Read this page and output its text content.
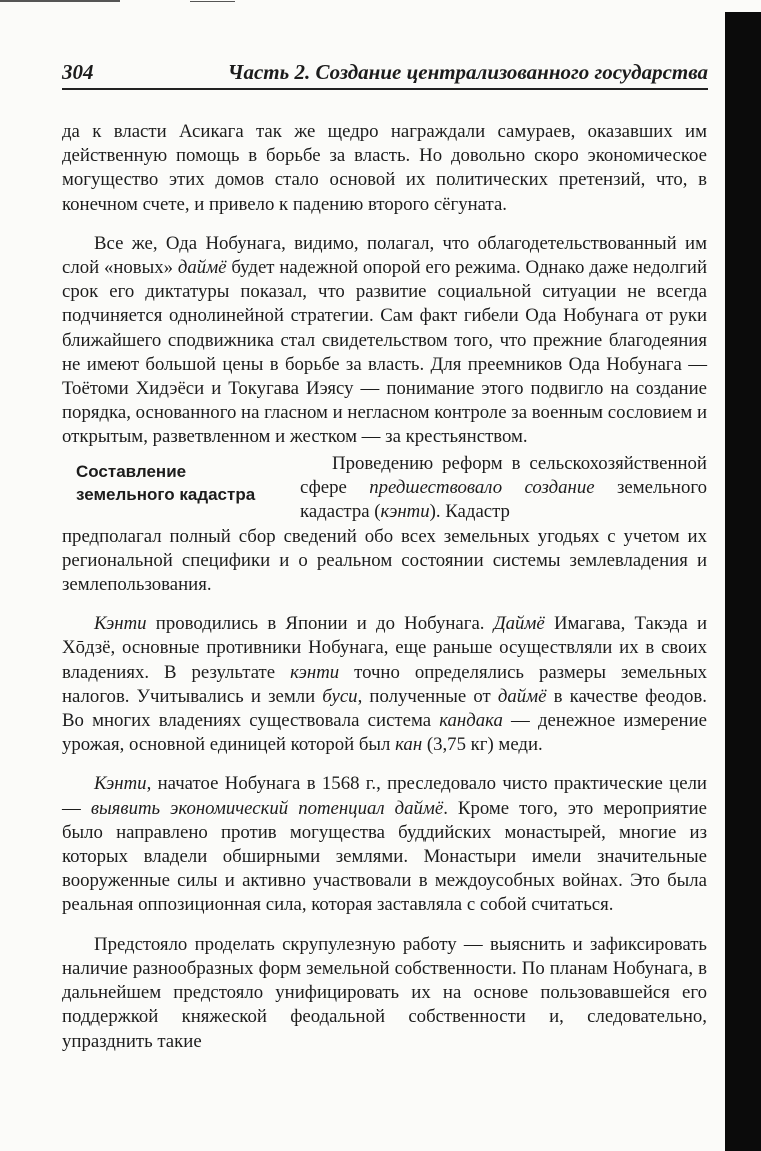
304	Часть 2. Создание централизованного государства

да к власти Асикага так же щедро награждали самураев, оказавших им действенную помощь в борьбе за власть. Но довольно скоро экономическое могущество этих домов стало основой их политических претензий, что, в конечном счете, и привело к падению второго сёгуната.

Все же, Ода Нобунага, видимо, полагал, что облагодетельствованный им слой «новых» даймё будет надежной опорой его режима. Однако даже недолгий срок его диктатуры показал, что развитие социальной ситуации не всегда подчиняется однолинейной стратегии. Сам факт гибели Ода Нобунага от руки ближайшего сподвижника стал свидетельством того, что прежние благодеяния не имеют большой цены в борьбе за власть. Для преемников Ода Нобунага — Тоётоми Хидэёси и Токугава Иэясу — понимание этого подвигло на создание порядка, основанного на гласном и негласном контроле за военным сословием и открытым, разветвленном и жестком — за крестьянством.

Составление земельного кадастра

Проведению реформ в сельскохозяйственной сфере предшествовало создание земельного кадастра (кэнти). Кадастр

предполагал полный сбор сведений обо всех земельных угодьях с учетом их региональной специфики и о реальном состоянии системы землевладения и землепользования.

Кэнти проводились в Японии и до Нобунага. Даймё Имагава, Такэда и Хōдзё, основные противники Нобунага, еще раньше осуществляли их в своих владениях. В результате кэнти точно определялись размеры земельных налогов. Учитывались и земли буси, полученные от даймё в качестве феодов. Во многих владениях существовала система кандака — денежное измерение урожая, основной единицей которой был кан (3,75 кг) меди.

Кэнти, начатое Нобунага в 1568 г., преследовало чисто практические цели — выявить экономический потенциал даймё. Кроме того, это мероприятие было направлено против могущества буддийских монастырей, многие из которых владели обширными землями. Монастыри имели значительные вооруженные силы и активно участвовали в междоусобных войнах. Это была реальная оппозиционная сила, которая заставляла с собой считаться.

Предстояло проделать скрупулезную работу — выяснить и зафиксировать наличие разнообразных форм земельной собственности. По планам Нобунага, в дальнейшем предстояло унифицировать их на основе пользовавшейся его поддержкой княжеской феодальной собственности и, следовательно, упразднить такие
